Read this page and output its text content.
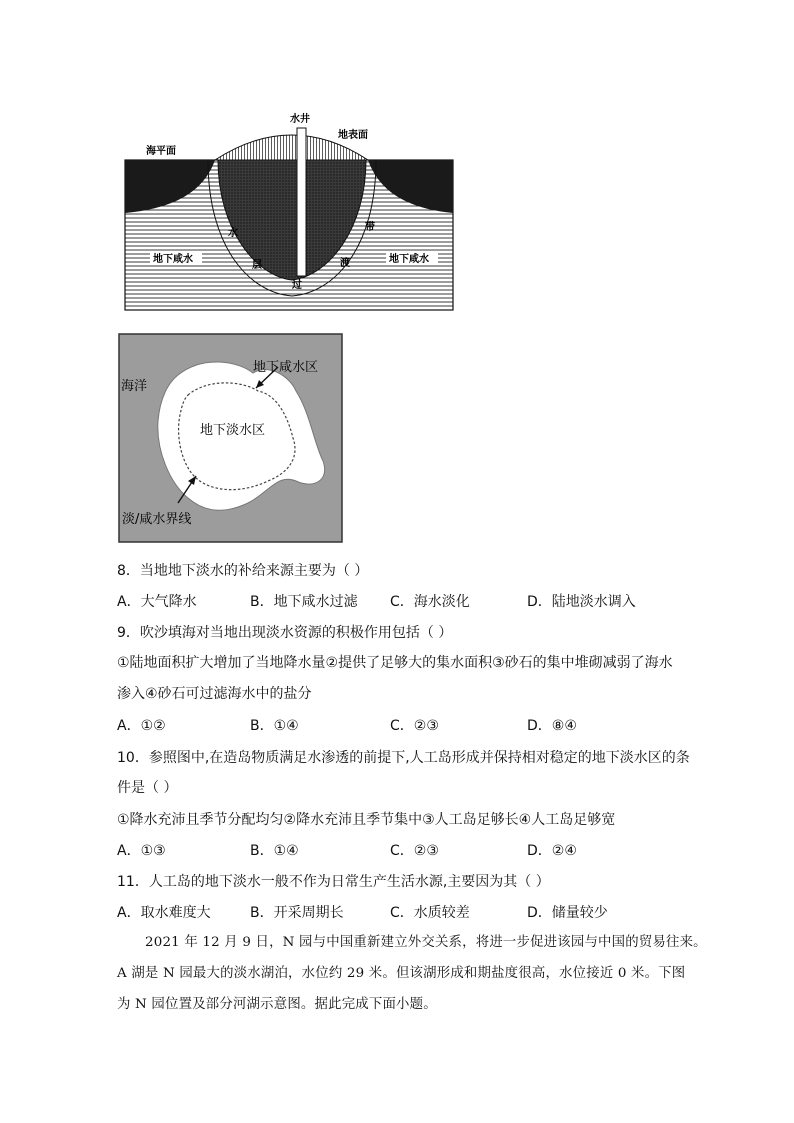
水井
地表面
海平面
地下咸水	地下咸水
水
层
过
渡
带
海洋
地下咸水区
地下淡水区
淡/咸水界线
8．当地地下淡水的补给来源主要为（ ）
A．大气降水	B．地下咸水过滤 C．海水淡化	D．陆地淡水调入
9．吹沙填海对当地出现淡水资源的积极作用包括（ ）
①陆地面积扩大增加了当地降水量②提供了足够大的集水面积③砂石的集中堆砌减弱了海水
渗入④砂石可过滤海水中的盐分
A．①②	B．①④	C．②③	D．⑧④
10．参照图中,在造岛物质满足水渗透的前提下,人工岛形成并保持相对稳定的地下淡水区的条
件是（ ）
①降水充沛且季节分配均匀②降水充沛且季节集中③人工岛足够长④人工岛足够宽
A．①③	B．①④	C．②③	D．②④
11．人工岛的地下淡水一般不作为日常生产生活水源,主要因为其（ ）
A．取水难度大	B．开采周期长	C．水质较差	D．储量较少
2021 年 12 月 9 日，N 园与中国重新建立外交关系，将进一步促进该园与中国的贸易往来。
A 湖是 N 园最大的淡水湖泊，水位约 29 米。但该湖形成和期盐度很高，水位接近 0 米。下图
为 N 园位置及部分河湖示意图。据此完成下面小题。
